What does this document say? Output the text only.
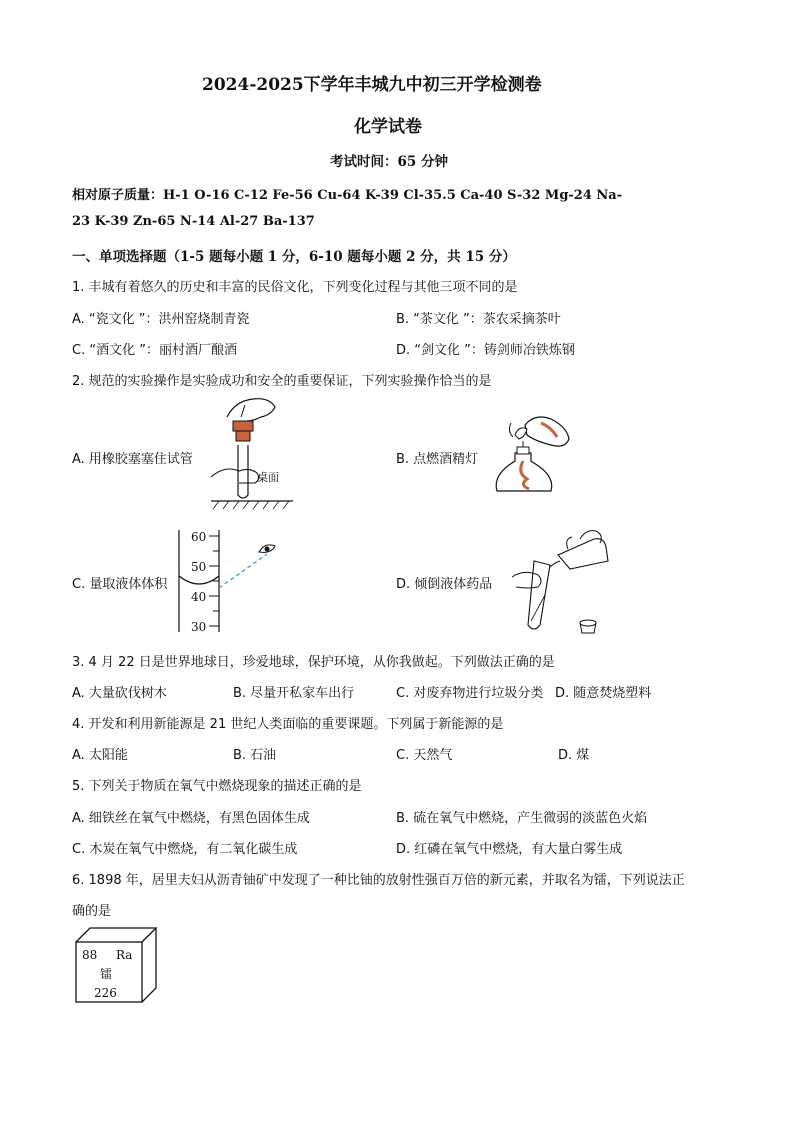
2024-2025下学年丰城九中初三开学检测卷
化学试卷
考试时间：65 分钟
相对原子质量：H-1 O-16 C-12 Fe-56 Cu-64 K-39 Cl-35.5 Ca-40 S-32 Mg-24 Na-
23 K-39 Zn-65 N-14 Al-27 Ba-137
一、单项选择题（1-5 题每小题 1 分，6-10 题每小题 2 分，共 15 分）
1. 丰城有着悠久的历史和丰富的民俗文化，下列变化过程与其他三项不同的是
A. “瓷文化 ”：洪州窑烧制青瓷	B. “茶文化 ”：茶农采摘茶叶
C. “酒文化 ”：丽村酒厂酿酒	D. “剑文化 ”：铸剑师冶铁炼钢
2. 规范的实验操作是实验成功和安全的重要保证，下列实验操作恰当的是
A. 用橡胶塞塞住试管	B. 点燃酒精灯
C. 量取液体体积	D. 倾倒液体药品
桌面
60
50
40
30
3. 4 月 22 日是世界地球日，珍爱地球，保护环境，从你我做起。下列做法正确的是
A. 大量砍伐树木	B. 尽量开私家车出行	C. 对废弃物进行垃圾分类 D. 随意焚烧塑料
4. 开发和利用新能源是 21 世纪人类面临的重要课题。下列属于新能源的是
A. 太阳能	B. 石油	C. 天然气	D. 煤
5. 下列关于物质在氧气中燃烧现象的描述正确的是
A. 细铁丝在氧气中燃烧，有黑色固体生成	B. 硫在氧气中燃烧，产生微弱的淡蓝色火焰
C. 木炭在氧气中燃烧，有二氧化碳生成	D. 红磷在氧气中燃烧，有大量白雾生成
6. 1898 年，居里夫妇从沥青铀矿中发现了一种比铀的放射性强百万倍的新元素，并取名为镭，下列说法正
确的是
88 Ra
镭
226
